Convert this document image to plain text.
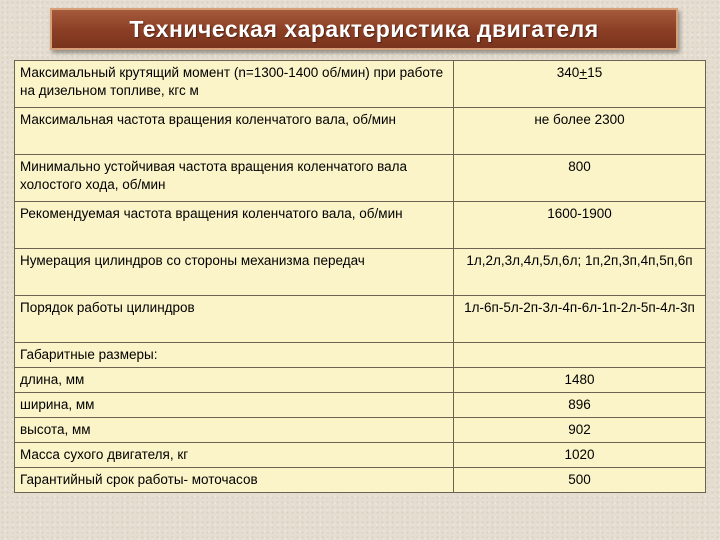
Техническая характеристика двигателя
Максимальный крутящий момент (n=1300-1400 об/мин) при работе на дизельном топливе, кгс м	340+15
Максимальная частота вращения коленчатого вала, об/мин	не более 2300
Минимально устойчивая частота вращения коленчатого вала холостого хода, об/мин	800
Рекомендуемая частота вращения коленчатого вала, об/мин	1600-1900
Нумерация цилиндров со стороны механизма передач	1л,2л,3л,4л,5л,6л; 1п,2п,3п,4п,5п,6п
Порядок работы цилиндров	1л-6п-5л-2п-3л-4п-6л-1п-2л-5п-4л-3п
Габаритные размеры:	
длина, мм	1480
ширина, мм	896
высота, мм	902
Масса сухого двигателя, кг	1020
Гарантийный срок работы- моточасов	500
